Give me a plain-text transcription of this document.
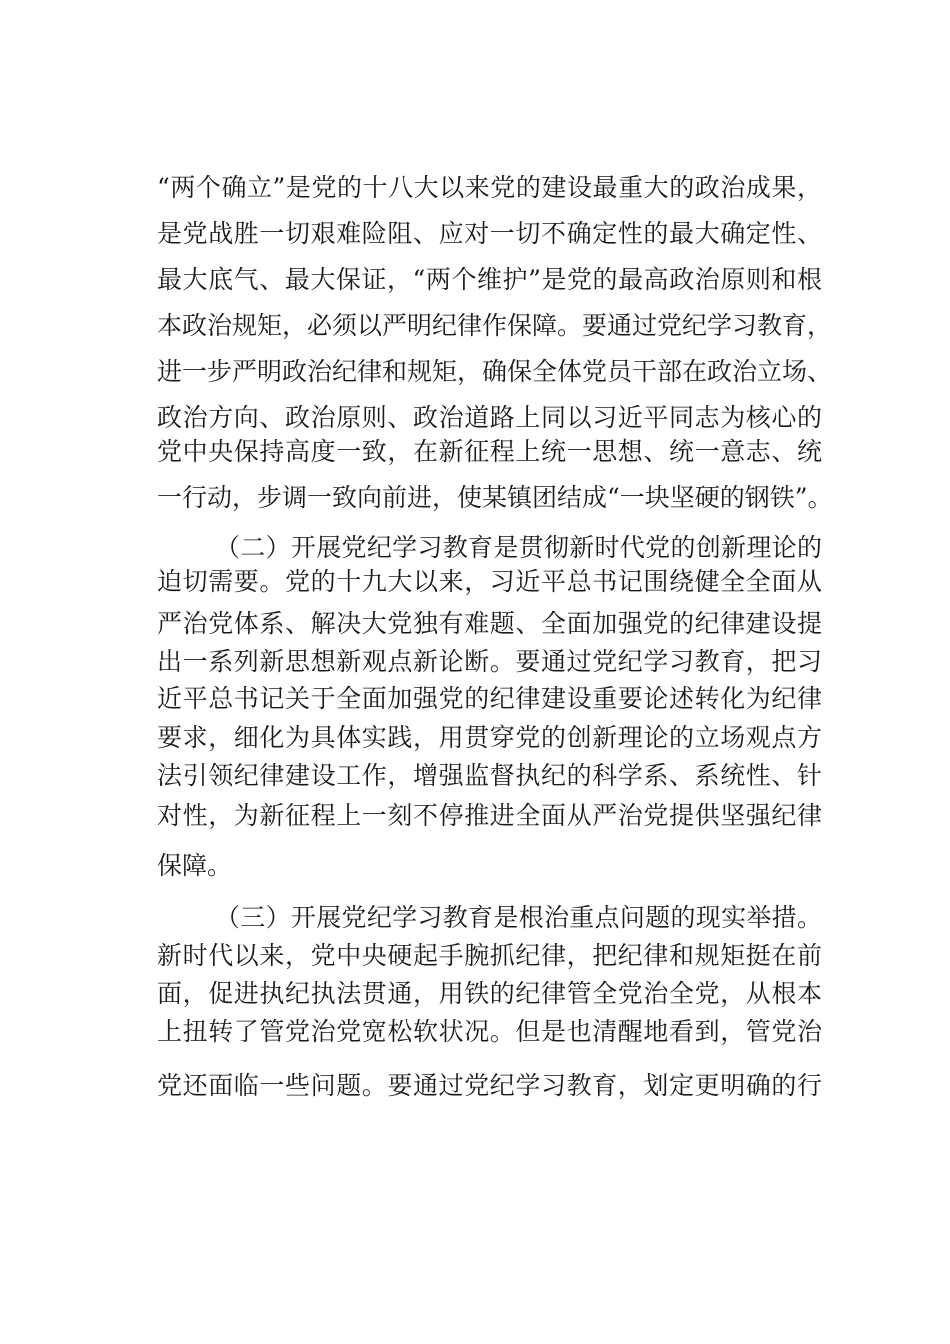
“两个确立”是党的十八大以来党的建设最重大的政治成果，
是党战胜一切艰难险阻、应对一切不确定性的最大确定性、
最大底气、最大保证，“两个维护”是党的最高政治原则和根
本政治规矩，必须以严明纪律作保障。要通过党纪学习教育，
进一步严明政治纪律和规矩，确保全体党员干部在政治立场、
政治方向、政治原则、政治道路上同以习近平同志为核心的
党中央保持高度一致，在新征程上统一思想、统一意志、统
一行动，步调一致向前进，使某镇团结成“一块坚硬的钢铁”。
（二）开展党纪学习教育是贯彻新时代党的创新理论的
迫切需要。党的十九大以来，习近平总书记围绕健全全面从
严治党体系、解决大党独有难题、全面加强党的纪律建设提
出一系列新思想新观点新论断。要通过党纪学习教育，把习
近平总书记关于全面加强党的纪律建设重要论述转化为纪律
要求，细化为具体实践，用贯穿党的创新理论的立场观点方
法引领纪律建设工作，增强监督执纪的科学系、系统性、针
对性，为新征程上一刻不停推进全面从严治党提供坚强纪律
保障。
（三）开展党纪学习教育是根治重点问题的现实举措。
新时代以来，党中央硬起手腕抓纪律，把纪律和规矩挺在前
面，促进执纪执法贯通，用铁的纪律管全党治全党，从根本
上扭转了管党治党宽松软状况。但是也清醒地看到，管党治
党还面临一些问题。要通过党纪学习教育，划定更明确的行
